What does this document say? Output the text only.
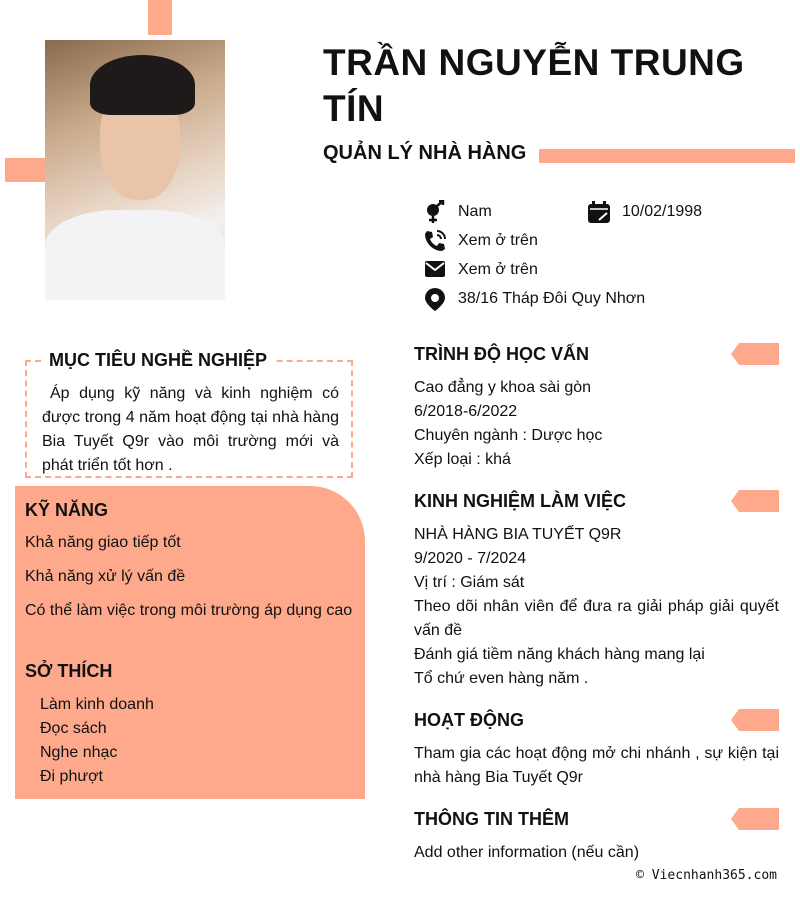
TRẦN NGUYỄN TRUNG TÍN
QUẢN LÝ NHÀ HÀNG
Nam	10/02/1998
Xem ở trên
Xem ở trên
38/16 Tháp Đôi Quy Nhơn
MỤC TIÊU NGHỀ NGHIỆP

Áp dụng kỹ năng và kinh nghiệm có được trong 4 năm hoạt động tại nhà hàng Bia Tuyết Q9r vào môi trường mới và phát triển tốt hơn .

KỸ NĂNG
Khả năng giao tiếp tốt
Khả năng xử lý vấn đề
Có thể làm việc trong môi trường áp dụng cao
SỞ THÍCH
Làm kinh doanh
Đọc sách
Nghe nhạc
Đi phượt
TRÌNH ĐỘ HỌC VẤN
Cao đẳng y khoa sài gòn
6/2018-6/2022
Chuyên ngành : Dược học
Xếp loại : khá
KINH NGHIỆM LÀM VIỆC
NHÀ HÀNG BIA TUYẾT Q9R
9/2020 - 7/2024
Vị trí : Giám sát
Theo dõi nhân viên để đưa ra giải pháp giải quyết vấn đề
Đánh giá tiềm năng khách hàng mang lại
Tổ chứ even hàng năm .
HOẠT ĐỘNG
Tham gia các hoạt động mở chi nhánh , sự kiện tại nhà hàng Bia Tuyết Q9r
THÔNG TIN THÊM
Add other information (nếu cần)
© Viecnhanh365.com
